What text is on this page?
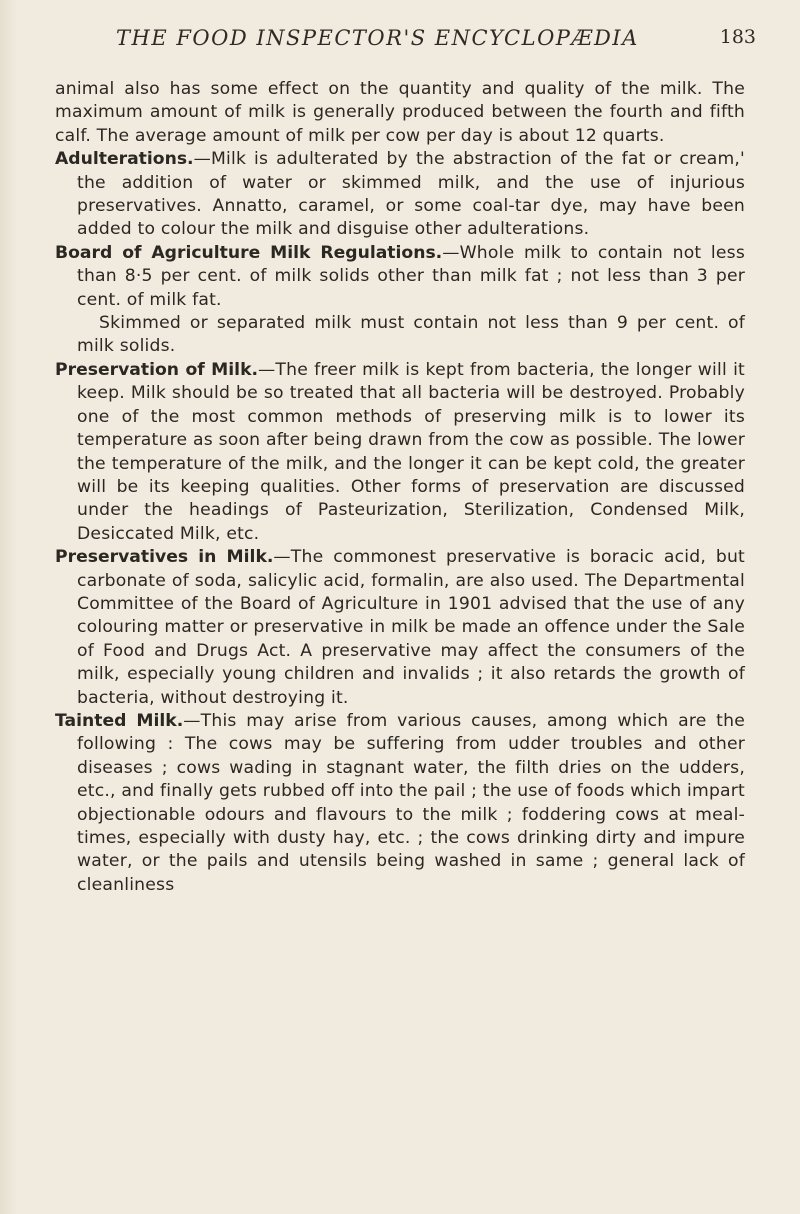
THE FOOD INSPECTOR'S ENCYCLOPÆDIA	183

animal also has some effect on the quantity and quality of the milk. The maximum amount of milk is generally produced between the fourth and fifth calf. The average amount of milk per cow per day is about 12 quarts.

Adulterations.—Milk is adulterated by the abstraction of the fat or cream,' the addition of water or skimmed milk, and the use of injurious preservatives. Annatto, caramel, or some coal-tar dye, may have been added to colour the milk and disguise other adulterations.

Board of Agriculture Milk Regulations.—Whole milk to contain not less than 8·5 per cent. of milk solids other than milk fat ; not less than 3 per cent. of milk fat.

Skimmed or separated milk must contain not less than 9 per cent. of milk solids.

Preservation of Milk.—The freer milk is kept from bacteria, the longer will it keep. Milk should be so treated that all bacteria will be destroyed. Probably one of the most common methods of preserving milk is to lower its temperature as soon after being drawn from the cow as possible. The lower the temperature of the milk, and the longer it can be kept cold, the greater will be its keeping qualities. Other forms of preservation are discussed under the headings of Pasteurization, Sterilization, Condensed Milk, Desiccated Milk, etc.

Preservatives in Milk.—The commonest preservative is boracic acid, but carbonate of soda, salicylic acid, formalin, are also used. The Departmental Committee of the Board of Agriculture in 1901 advised that the use of any colouring matter or preservative in milk be made an offence under the Sale of Food and Drugs Act. A preservative may affect the consumers of the milk, especially young children and invalids ; it also retards the growth of bacteria, without destroying it.

Tainted Milk.—This may arise from various causes, among which are the following : The cows may be suffering from udder troubles and other diseases ; cows wading in stagnant water, the filth dries on the udders, etc., and finally gets rubbed off into the pail ; the use of foods which impart objectionable odours and flavours to the milk ; foddering cows at meal-times, especially with dusty hay, etc. ; the cows drinking dirty and impure water, or the pails and utensils being washed in same ; general lack of cleanliness
